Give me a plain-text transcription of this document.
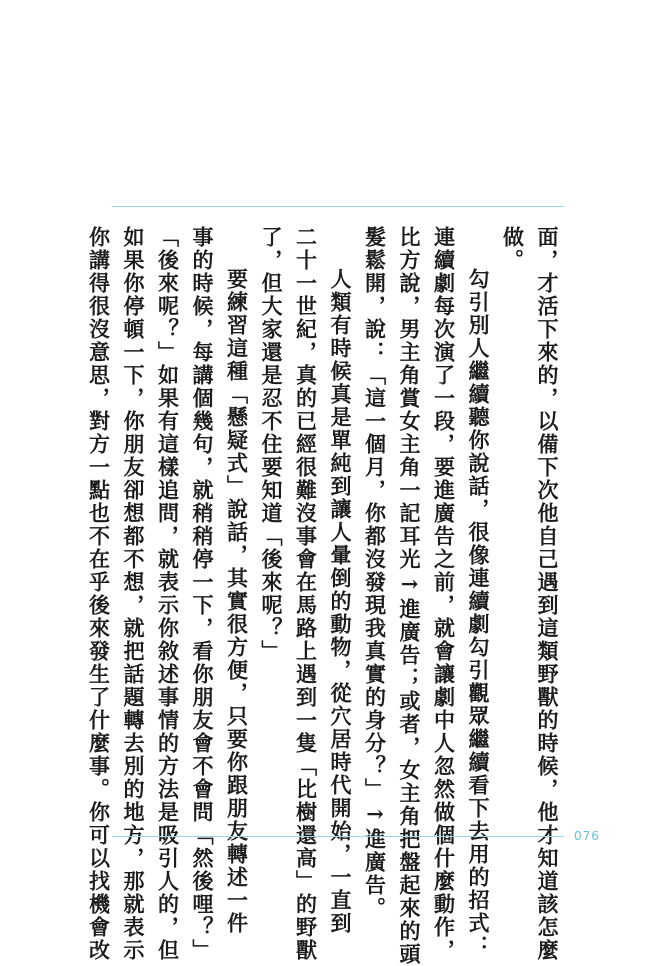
面，才活下來的，以備下次他自己遇到這類野獸的時候，他才知道該怎麼
做。
勾引別人繼續聽你說話，很像連續劇勾引觀眾繼續看下去用的招式：
連續劇每次演了一段，要進廣告之前，就會讓劇中人忽然做個什麼動作，
比方說，男主角賞女主角一記耳光→進廣告；或者，女主角把盤起來的頭
髮鬆開，說：「這一個月，你都沒發現我真實的身分？」→進廣告。
人類有時候真是單純到讓人暈倒的動物，從穴居時代開始，一直到
二十一世紀，真的已經很難沒事會在馬路上遇到一隻「比樹還高」的野獸
了，但大家還是忍不住要知道「後來呢？」
要練習這種「懸疑式」說話，其實很方便，只要你跟朋友轉述一件
事的時候，每講個幾句，就稍稍停一下，看你朋友會不會問「然後哩？」
「後來呢？」如果有這樣追問，就表示你敘述事情的方法是吸引人的，但
如果你停頓一下，你朋友卻想都不想，就把話題轉去別的地方，那就表示
你講得很沒意思，對方一點也不在乎後來發生了什麼事。你可以找機會改	076
